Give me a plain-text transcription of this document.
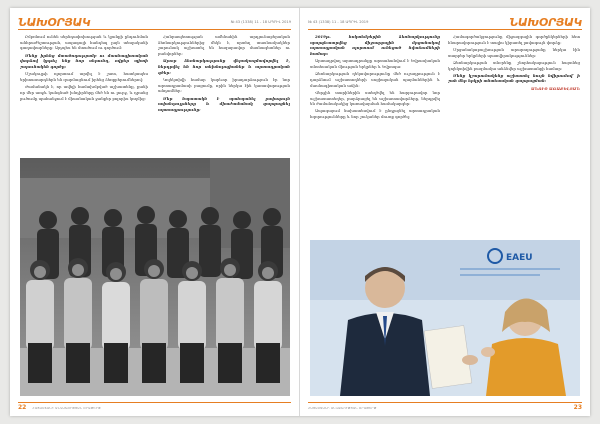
ՆԱԽՕՐՅԱԿ	№ 43 (1338) 11 - 18 ԱՊՐԻԼ 2019

Ըմբռնում ունեն սերնդափոխության և կյանքի ընդունման անհրաժեշտության, ապագայի հանդեպ լայն տեսլականի գաղափարները: Այդպես են մտածում ու գործում:

Մենք իրենց մտածողությամբ ու մասնագիտական փորձով կրթել ենք նոր սերունդ, ովքեր պիտի շարունակեն գործը:

Մշակույթի ոլորտում արվել է շատ, հատկապես երիտասարդներն են զարմացնում իրենց ձեռքբերումներով:

Ժամանակն է, որ ավելի համախմբված աշխատենք, քանի որ մեր առջև կանգնած խնդիրները մեծ են ու լուրջ, և դրանց լուծումը պահանջում է միասնական ջանքեր բոլորիս կողմից:

Հանրապետության ամենահին արդյունաբերական ձեռնարկություններից մեկն է, որտեղ տասնամյակներ շարունակ աշխատել են հազարավոր մասնագետներ ու բանվորներ:

Այսօր ձեռնարկությունը վերակազմավորվել է, ներդրվել են նոր տեխնոլոգիաներ և արտադրական գծեր:

Կոլեկտիվի համար կարևոր իրադարձություն էր նոր արտադրամասի բացումը, որին ներկա էին կառավարության անդամներ:

Մեր նպատակն է պահպանել լավագույն ավանդույթները և միաժամանակ զարգացնել արտադրությունը:

22 ՀԱՅԱՍՏԱՆԻ ԱՆԿԱԽՈՒԹՅԱՆ ՕՐԱԹԵՐԹ
№ 43 (1338) 11 - 18 ԱՊՐԻԼ 2019	ՆԱԽՕՐՅԱԿ

2019թ. հոկտեմբերին ձեռնարկությունը պարգևատրվեց միջազգային մրցանակով արտադրական ոլորտում ունեցած նվաճումների համար:

Արտադրվող արտադրանքը արտահանվում է Եվրասիական տնտեսական միության երկրներ և Եվրոպա:

Ձեռնարկության ղեկավարությունը մեծ ուշադրություն է դարձնում աշխատողների սոցիալական պայմաններին և մասնագիտական աճին:

Վերջին տարիներին ստեղծվել են հարյուրավոր նոր աշխատատեղեր, բարձրացել են աշխատավարձերը, ներդրվել են ժամանակակից կառավարման համակարգեր:

Ապագայում նախատեսվում է ընդլայնել արտադրական հզորությունները և նոր շուկաներ մուտք գործել:

Համագործակցությունը միջազգային գործընկերների հետ հնարավորություն է տալիս կիրառել լավագույն փորձը:

Մրցանակաբաշխության արարողությանը ներկա էին տարբեր երկրների պատվիրակություններ:

Ձեռնարկության տնօրենը շնորհակալություն հայտնեց կոլեկտիվին բազմամյա անձնվեր աշխատանքի համար:

Մենք կշարունակենք աշխատել նույն նվիրումով՝ ի շահ մեր երկրի տնտեսական զարգացման:

ԱՆՈՒՇ ԱՌԱՔԵԼՅԱՆ

EAEU
ՀԱՅԱՍՏԱՆԻ ԱՆԿԱԽՈՒԹՅԱՆ ՕՐԱԹԵՐԹ	23
